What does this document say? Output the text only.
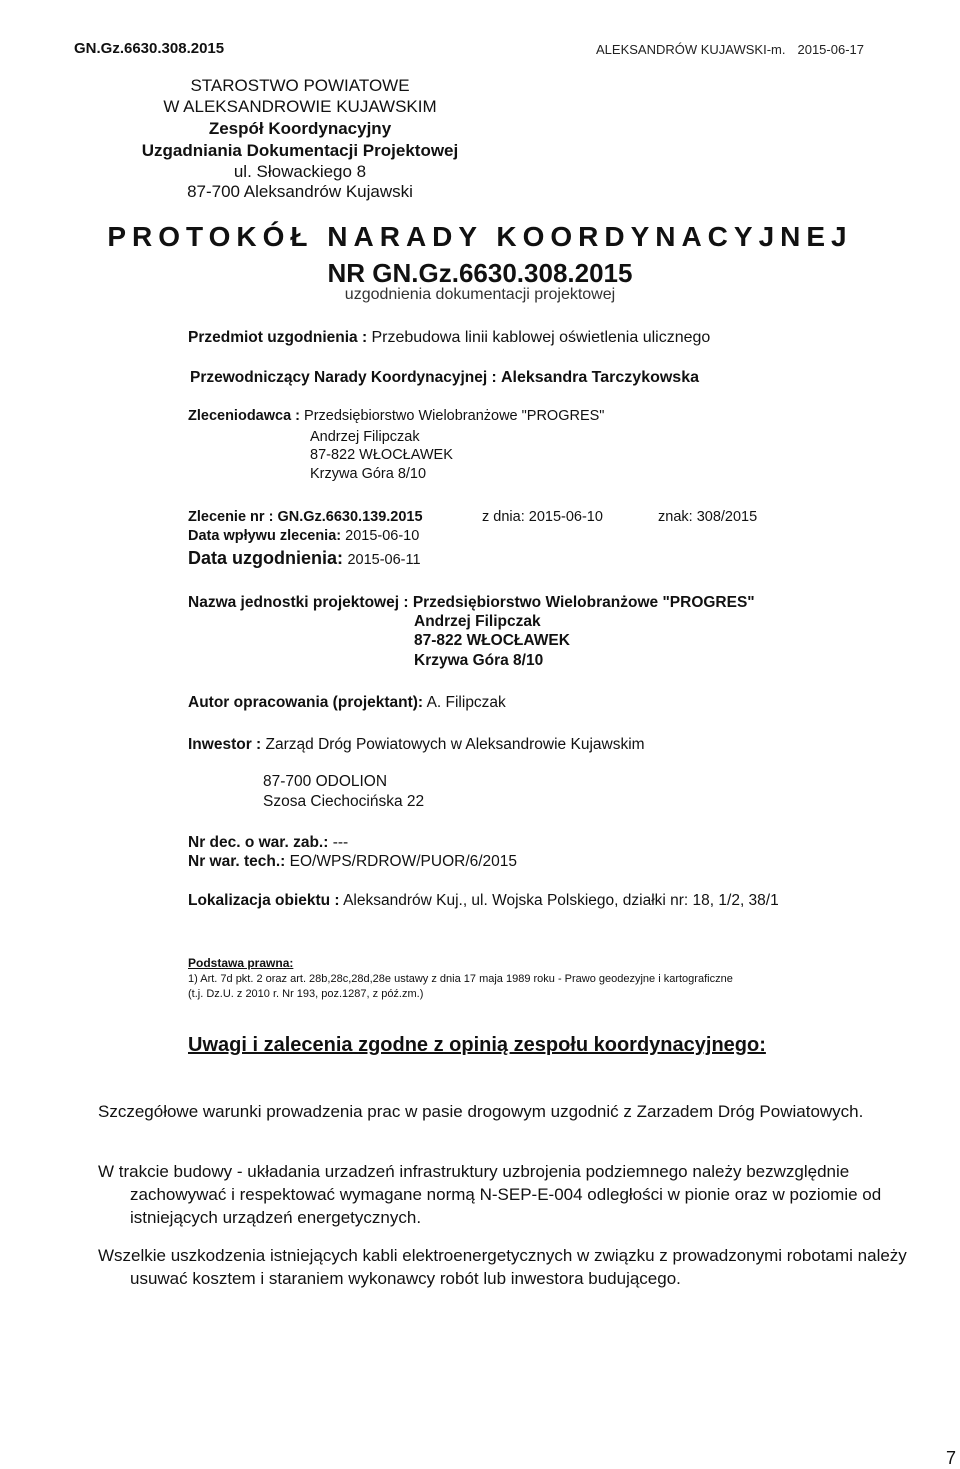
GN.Gz.6630.308.2015	ALEKSANDRÓW KUJAWSKI-m. 2015-06-17
STAROSTWO POWIATOWE
W ALEKSANDROWIE KUJAWSKIM
Zespół Koordynacyjny
Uzgadniania Dokumentacji Projektowej
ul. Słowackiego 8
87-700 Aleksandrów Kujawski
PROTOKÓŁ NARADY KOORDYNACYJNEJ
NR GN.Gz.6630.308.2015
uzgodnienia dokumentacji projektowej
Przedmiot uzgodnienia : Przebudowa linii kablowej oświetlenia ulicznego
Przewodniczący Narady Koordynacyjnej : Aleksandra Tarczykowska
Zleceniodawca : Przedsiębiorstwo Wielobranżowe "PROGRES"
Andrzej Filipczak
87-822 WŁOCŁAWEK
Krzywa Góra 8/10
Zlecenie nr : GN.Gz.6630.139.2015	z dnia: 2015-06-10	znak: 308/2015
Data wpływu zlecenia: 2015-06-10
Data uzgodnienia: 2015-06-11
Nazwa jednostki projektowej : Przedsiębiorstwo Wielobranżowe "PROGRES"
Andrzej Filipczak
87-822 WŁOCŁAWEK
Krzywa Góra 8/10
Autor opracowania (projektant): A. Filipczak
Inwestor : Zarząd Dróg Powiatowych w Aleksandrowie Kujawskim
87-700 ODOLION
Szosa Ciechocińska 22
Nr dec. o war. zab.: ---
Nr war. tech.: EO/WPS/RDROW/PUOR/6/2015
Lokalizacja obiektu : Aleksandrów Kuj., ul. Wojska Polskiego, działki nr: 18, 1/2, 38/1
Podstawa prawna:
1) Art. 7d pkt. 2 oraz art. 28b,28c,28d,28e ustawy z dnia 17 maja 1989 roku - Prawo geodezyjne i kartograficzne
(t.j. Dz.U. z 2010 r. Nr 193, poz.1287, z póź.zm.)
Uwagi i zalecenia zgodne z opinią zespołu koordynacyjnego:
Szczegółowe warunki prowadzenia prac w pasie drogowym uzgodnić z Zarzadem Dróg Powiatowych.
W trakcie budowy - układania urzadzeń infrastruktury uzbrojenia podziemnego należy bezwzględnie zachowywać i respektować wymagane normą N-SEP-E-004 odległości w pionie oraz w poziomie od istniejących urządzeń energetycznych.
Wszelkie uszkodzenia istniejących kabli elektroenergetycznych w związku z prowadzonymi robotami należy usuwać kosztem i staraniem wykonawcy robót lub inwestora budującego.
7
